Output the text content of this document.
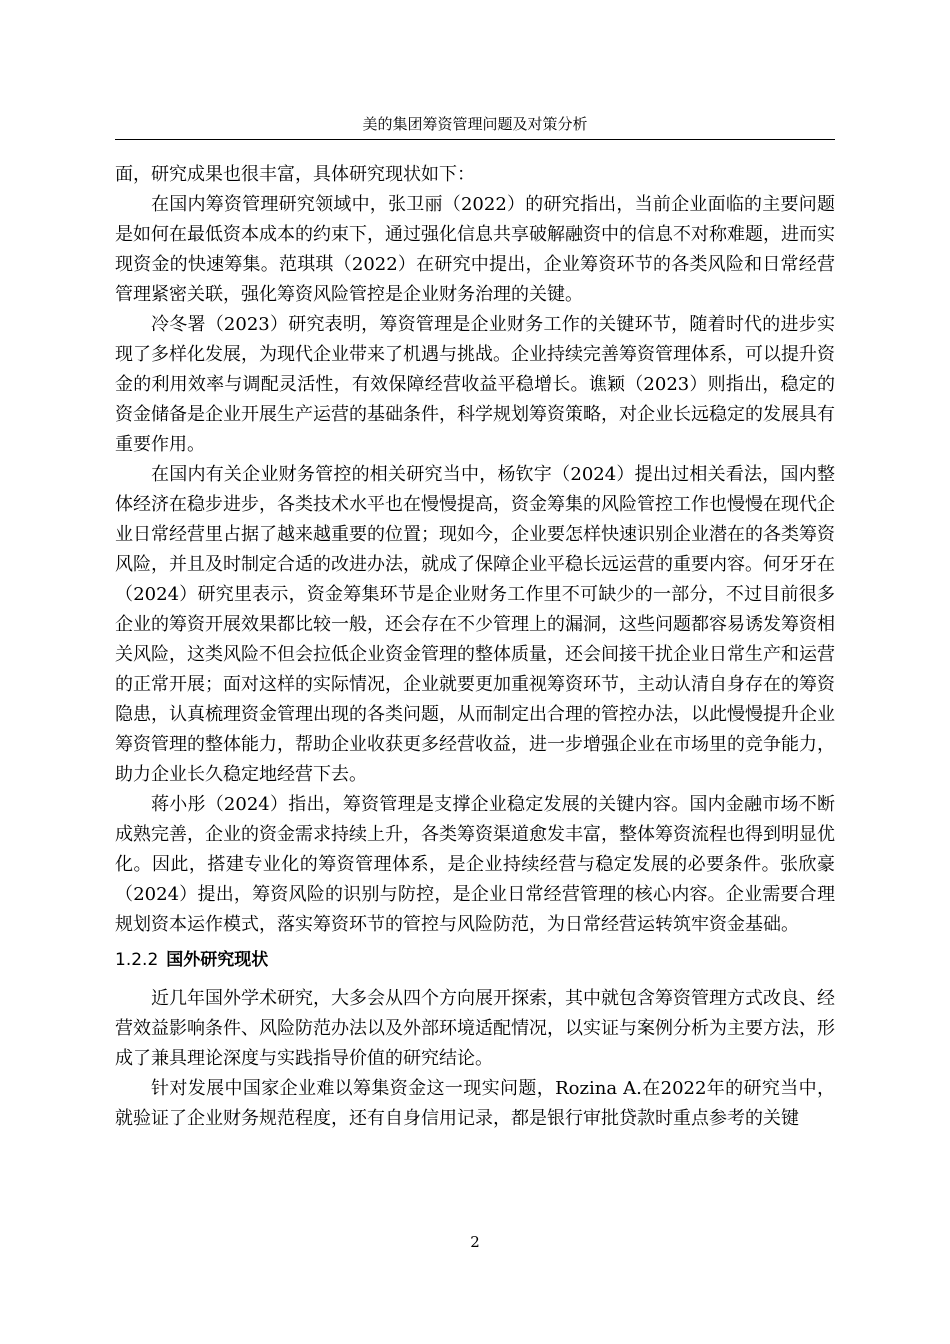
美的集团筹资管理问题及对策分析

面，研究成果也很丰富，具体研究现状如下：

在国内筹资管理研究领域中，张卫丽（2022）的研究指出，当前企业面临的主要问题是如何在最低资本成本的约束下，通过强化信息共享破解融资中的信息不对称难题，进而实现资金的快速筹集。范琪琪（2022）在研究中提出，企业筹资环节的各类风险和日常经营管理紧密关联，强化筹资风险管控是企业财务治理的关键。

冷冬署（2023）研究表明，筹资管理是企业财务工作的关键环节，随着时代的进步实现了多样化发展，为现代企业带来了机遇与挑战。企业持续完善筹资管理体系，可以提升资金的利用效率与调配灵活性，有效保障经营收益平稳增长。谯颖（2023）则指出，稳定的资金储备是企业开展生产运营的基础条件，科学规划筹资策略，对企业长远稳定的发展具有重要作用。

在国内有关企业财务管控的相关研究当中，杨钦宇（2024）提出过相关看法，国内整体经济在稳步进步，各类技术水平也在慢慢提高，资金筹集的风险管控工作也慢慢在现代企业日常经营里占据了越来越重要的位置；现如今，企业要怎样快速识别企业潜在的各类筹资风险，并且及时制定合适的改进办法，就成了保障企业平稳长远运营的重要内容。何牙牙在（2024）研究里表示，资金筹集环节是企业财务工作里不可缺少的一部分，不过目前很多企业的筹资开展效果都比较一般，还会存在不少管理上的漏洞，这些问题都容易诱发筹资相关风险，这类风险不但会拉低企业资金管理的整体质量，还会间接干扰企业日常生产和运营的正常开展；面对这样的实际情况，企业就要更加重视筹资环节，主动认清自身存在的筹资隐患，认真梳理资金管理出现的各类问题，从而制定出合理的管控办法，以此慢慢提升企业筹资管理的整体能力，帮助企业收获更多经营收益，进一步增强企业在市场里的竞争能力，助力企业长久稳定地经营下去。

蒋小彤（2024）指出，筹资管理是支撑企业稳定发展的关键内容。国内金融市场不断成熟完善，企业的资金需求持续上升，各类筹资渠道愈发丰富，整体筹资流程也得到明显优化。因此，搭建专业化的筹资管理体系，是企业持续经营与稳定发展的必要条件。张欣豪（2024）提出，筹资风险的识别与防控，是企业日常经营管理的核心内容。企业需要合理规划资本运作模式，落实筹资环节的管控与风险防范，为日常经营运转筑牢资金基础。

1.2.2 国外研究现状

近几年国外学术研究，大多会从四个方向展开探索，其中就包含筹资管理方式改良、经营效益影响条件、风险防范办法以及外部环境适配情况，以实证与案例分析为主要方法，形成了兼具理论深度与实践指导价值的研究结论。

针对发展中国家企业难以筹集资金这一现实问题，Rozina A.在2022年的研究当中，就验证了企业财务规范程度，还有自身信用记录，都是银行审批贷款时重点参考的关键

2
